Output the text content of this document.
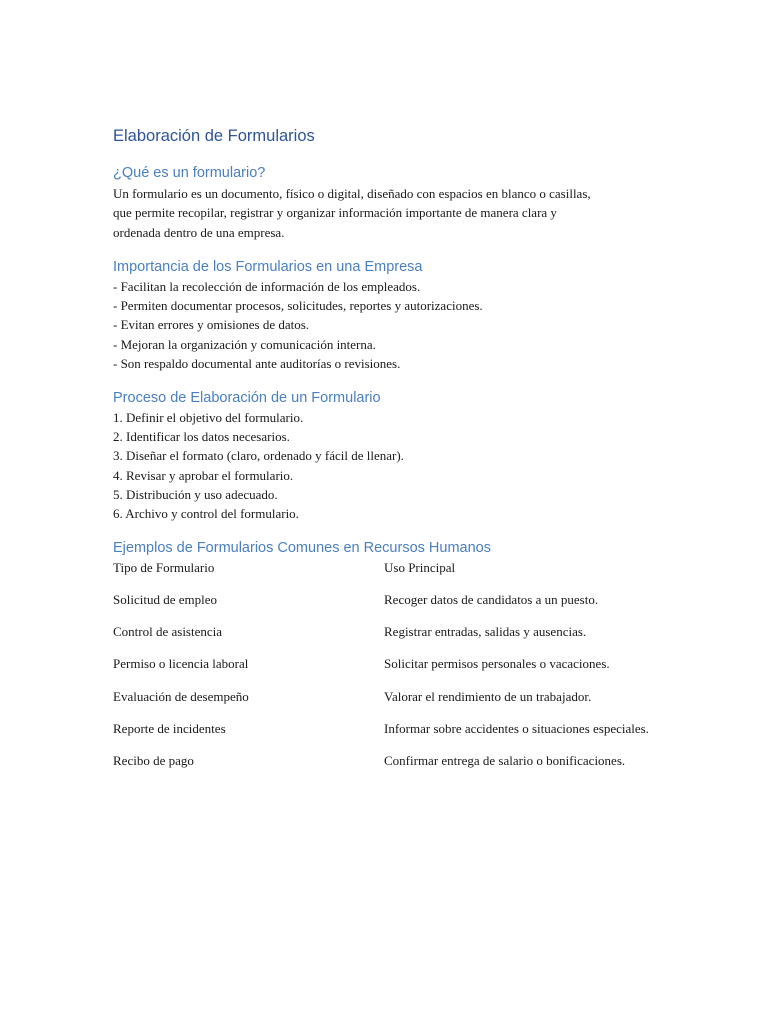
Elaboración de Formularios
¿Qué es un formulario?

Un formulario es un documento, físico o digital, diseñado con espacios en blanco o casillas,

que permite recopilar, registrar y organizar información importante de manera clara y

ordenada dentro de una empresa.

Importancia de los Formularios en una Empresa

- Facilitan la recolección de información de los empleados.

- Permiten documentar procesos, solicitudes, reportes y autorizaciones.

- Evitan errores y omisiones de datos.

- Mejoran la organización y comunicación interna.

- Son respaldo documental ante auditorías o revisiones.

Proceso de Elaboración de un Formulario

1. Definir el objetivo del formulario.

2. Identificar los datos necesarios.

3. Diseñar el formato (claro, ordenado y fácil de llenar).

4. Revisar y aprobar el formulario.

5. Distribución y uso adecuado.

6. Archivo y control del formulario.

Ejemplos de Formularios Comunes en Recursos Humanos
Tipo de Formulario	Uso Principal
Solicitud de empleo	Recoger datos de candidatos a un puesto.
Control de asistencia	Registrar entradas, salidas y ausencias.
Permiso o licencia laboral	Solicitar permisos personales o vacaciones.
Evaluación de desempeño	Valorar el rendimiento de un trabajador.
Reporte de incidentes	Informar sobre accidentes o situaciones especiales.
Recibo de pago	Confirmar entrega de salario o bonificaciones.
